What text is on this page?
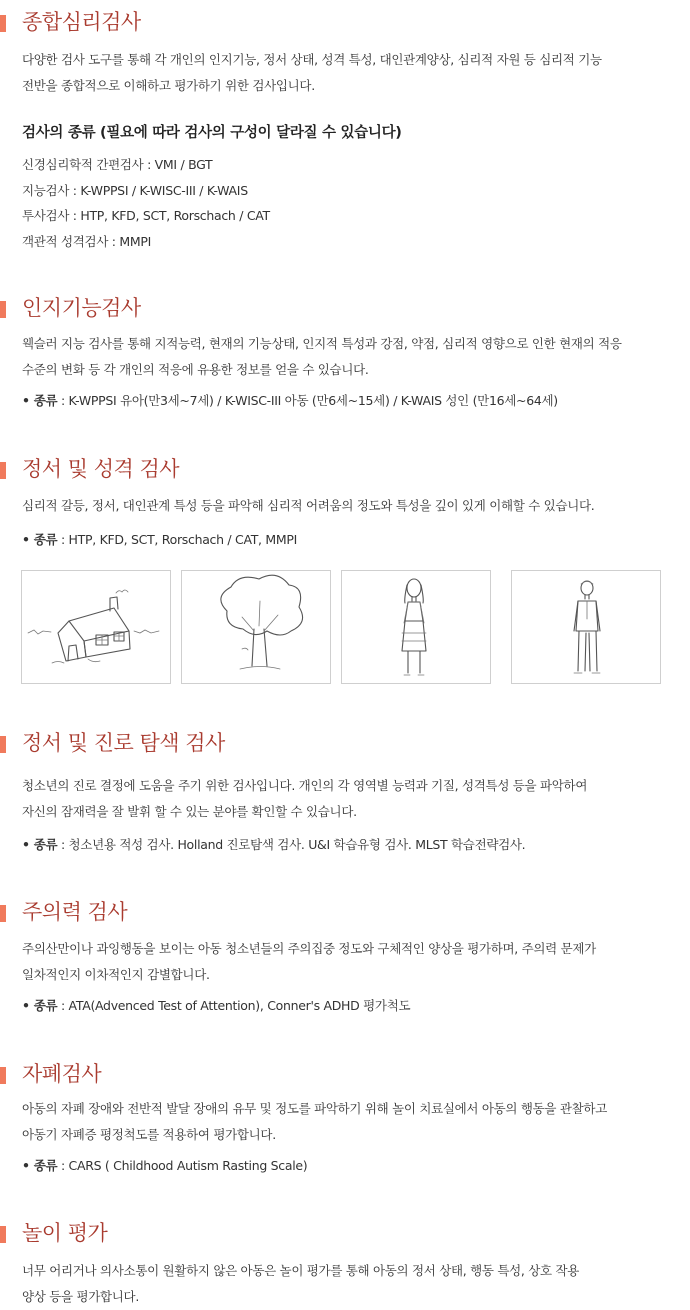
종합심리검사
다양한 검사 도구를 통해 각 개인의 인지기능, 정서 상태, 성격 특성, 대인관계양상, 심리적 자원 등 심리적 기능
전반을 종합적으로 이해하고 평가하기 위한 검사입니다.
검사의 종류 (필요에 따라 검사의 구성이 달라질 수 있습니다)
신경심리학적 간편검사 : VMI / BGT
지능검사 : K-WPPSI / K-WISC-III / K-WAIS
투사검사 : HTP, KFD, SCT, Rorschach / CAT
객관적 성격검사 : MMPI
인지기능검사
웩슬러 지능 검사를 통해 지적능력, 현재의 기능상태, 인지적 특성과 강점, 약점, 심리적 영향으로 인한 현재의 적응
수준의 변화 등 각 개인의 적응에 유용한 정보를 얻을 수 있습니다.
• 종류 : K-WPPSI 유아(만3세~7세) / K-WISC-III 아동 (만6세~15세) / K-WAIS 성인 (만16세~64세)
정서 및 성격 검사
심리적 갈등, 정서, 대인관계 특성 등을 파악해 심리적 어려움의 정도와 특성을 깊이 있게 이해할 수 있습니다.
• 종류 : HTP, KFD, SCT, Rorschach / CAT, MMPI
정서 및 진로 탐색 검사
청소년의 진로 결정에 도움을 주기 위한 검사입니다. 개인의 각 영역별 능력과 기질, 성격특성 등을 파악하여
자신의 잠재력을 잘 발휘 할 수 있는 분야를 확인할 수 있습니다.
• 종류 : 청소년용 적성 검사. Holland 진로탐색 검사. U&I 학습유형 검사. MLST 학습전략검사.
주의력 검사
주의산만이나 과잉행동을 보이는 아동 청소년들의 주의집중 정도와 구체적인 양상을 평가하며, 주의력 문제가
일차적인지 이차적인지 감별합니다.
• 종류 : ATA(Advenced Test of Attention), Conner's ADHD 평가척도
자폐검사
아동의 자폐 장애와 전반적 발달 장애의 유무 및 정도를 파악하기 위해 놀이 치료실에서 아동의 행동을 관찰하고
아동기 자폐증 평정척도를 적용하여 평가합니다.
• 종류 : CARS ( Childhood Autism Rasting Scale)
놀이 평가
너무 어리거나 의사소통이 원활하지 않은 아동은 놀이 평가를 통해 아동의 정서 상태, 행동 특성, 상호 작용
양상 등을 평가합니다.
